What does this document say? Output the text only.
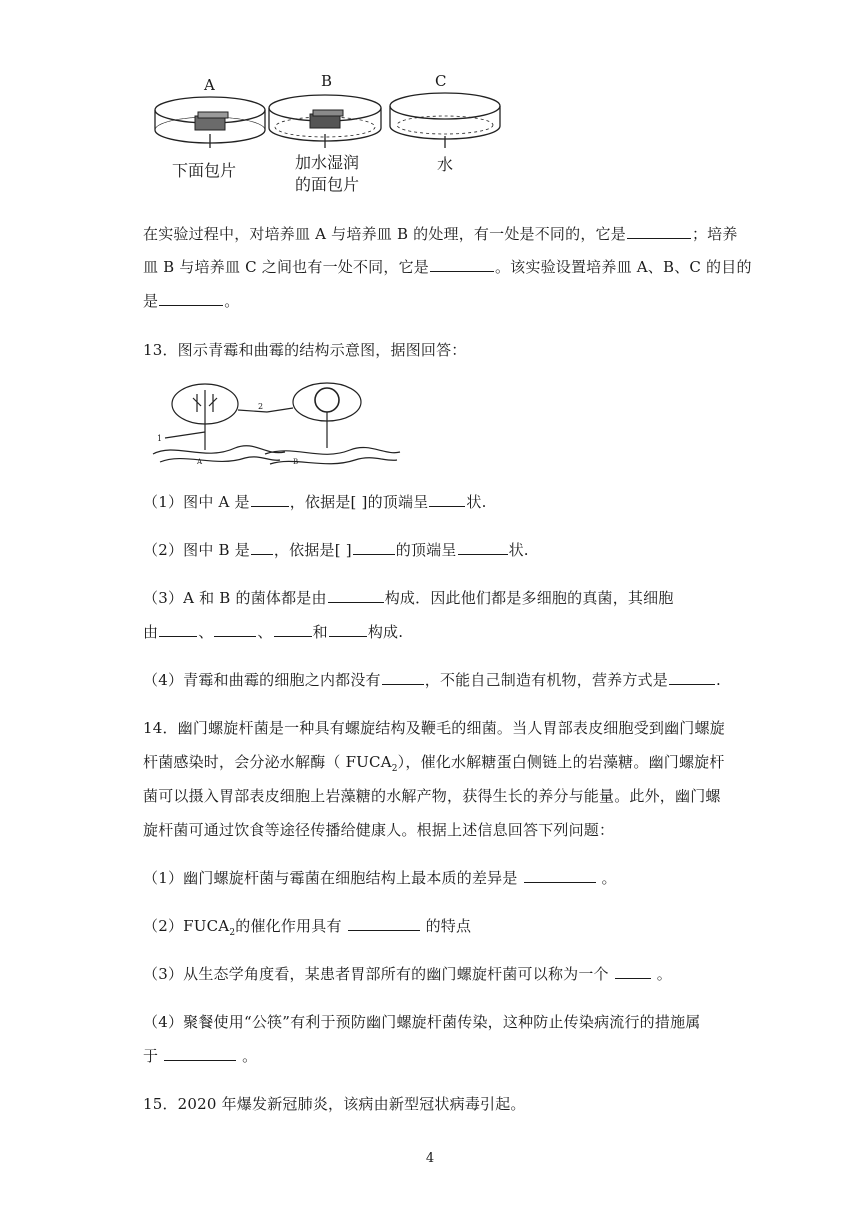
A	B	C
下面包片	加水湿润
的面包片
水
在实验过程中，对培养皿 A 与培养皿 B 的处理，有一处是不同的，它是	；培养
皿 B 与培养皿 C 之间也有一处不同，它是	。该实验设置培养皿 A、B、C 的目的
是	。
13．图示青霉和曲霉的结构示意图，据图回答：
2
1
A	B
（1）图中 A 是	，依据是[ ]的顶端呈	状.
（2）图中 B 是 ，依据是[ ]	的顶端呈	状.
（3）A 和 B 的菌体都是由	构成．因此他们都是多细胞的真菌，其细胞
由	、	、	和	构成.
（4）青霉和曲霉的细胞之内都没有	，不能自己制造有机物，营养方式是	.
14．幽门螺旋杆菌是一种具有螺旋结构及鞭毛的细菌。当人胃部表皮细胞受到幽门螺旋
杆菌感染时，会分泌水解酶（ $FUCA_2$），催化水解糖蛋白侧链上的岩藻糖。幽门螺旋杆
菌可以摄入胃部表皮细胞上岩藻糖的水解产物，获得生长的养分与能量。此外，幽门螺
旋杆菌可通过饮食等途径传播给健康人。根据上述信息回答下列问题：
（1）幽门螺旋杆菌与霉菌在细胞结构上最本质的差异是	。
$(2)FUCA_2$的催化作用具有	的特点
（3）从生态学角度看，某患者胃部所有的幽门螺旋杆菌可以称为一个	。
（4）聚餐使用“公筷”有利于预防幽门螺旋杆菌传染，这种防止传染病流行的措施属
于	。
15．2020 年爆发新冠肺炎，该病由新型冠状病毒引起。
4
